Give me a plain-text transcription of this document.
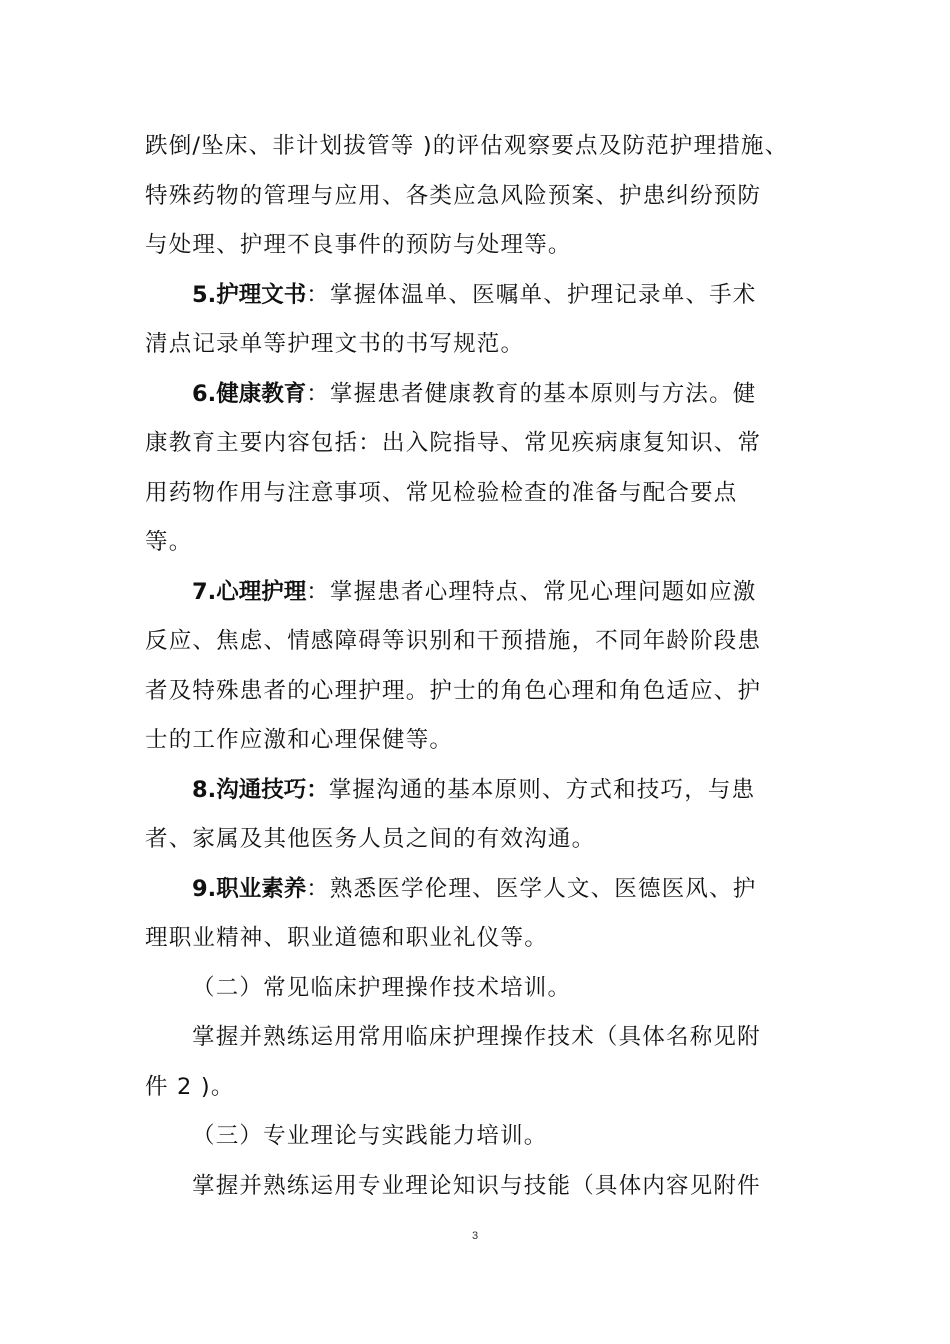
跌倒/坠床、非计划拔管等 )的评估观察要点及防范护理措施、
特殊药物的管理与应用、各类应急风险预案、护患纠纷预防
与处理、护理不良事件的预防与处理等。

5.护理文书：掌握体温单、医嘱单、护理记录单、手术
清点记录单等护理文书的书写规范。

6.健康教育：掌握患者健康教育的基本原则与方法。健
康教育主要内容包括：出入院指导、常见疾病康复知识、常
用药物作用与注意事项、常见检验检查的准备与配合要点
等。

7.心理护理：掌握患者心理特点、常见心理问题如应激
反应、焦虑、情感障碍等识别和干预措施，不同年龄阶段患
者及特殊患者的心理护理。护士的角色心理和角色适应、护
士的工作应激和心理保健等。

8.沟通技巧：掌握沟通的基本原则、方式和技巧，与患
者、家属及其他医务人员之间的有效沟通。

9.职业素养：熟悉医学伦理、医学人文、医德医风、护
理职业精神、职业道德和职业礼仪等。

（二）常见临床护理操作技术培训。

掌握并熟练运用常用临床护理操作技术（具体名称见附
件 2 )。

（三）专业理论与实践能力培训。

掌握并熟练运用专业理论知识与技能（具体内容见附件

3
